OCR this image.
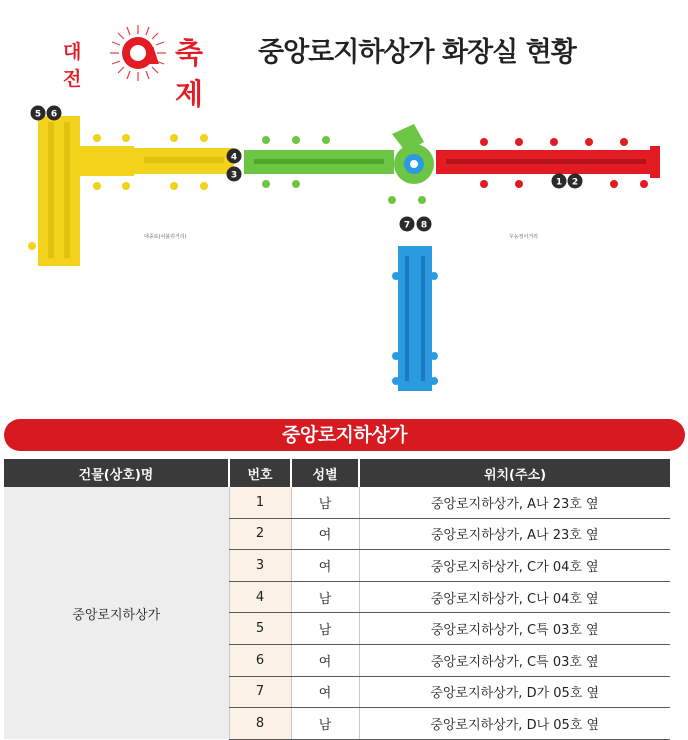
대전
축제
중앙로지하상가 화장실 현황
대종로(어블리거리)	우능정이거리
5 6
4
3
1 2
7 8
중앙로지하상가
건물(상호)명	번호	성별	위치(주소)
중앙로지하상가	1	남	중앙로지하상가, A나 23호 옆
	2	여	중앙로지하상가, A나 23호 옆
	3	여	중앙로지하상가, C가 04호 옆
	4	남	중앙로지하상가, C나 04호 옆
	5	남	중앙로지하상가, C특 03호 옆
	6	여	중앙로지하상가, C특 03호 옆
	7	여	중앙로지하상가, D가 05호 옆
	8	남	중앙로지하상가, D나 05호 옆
